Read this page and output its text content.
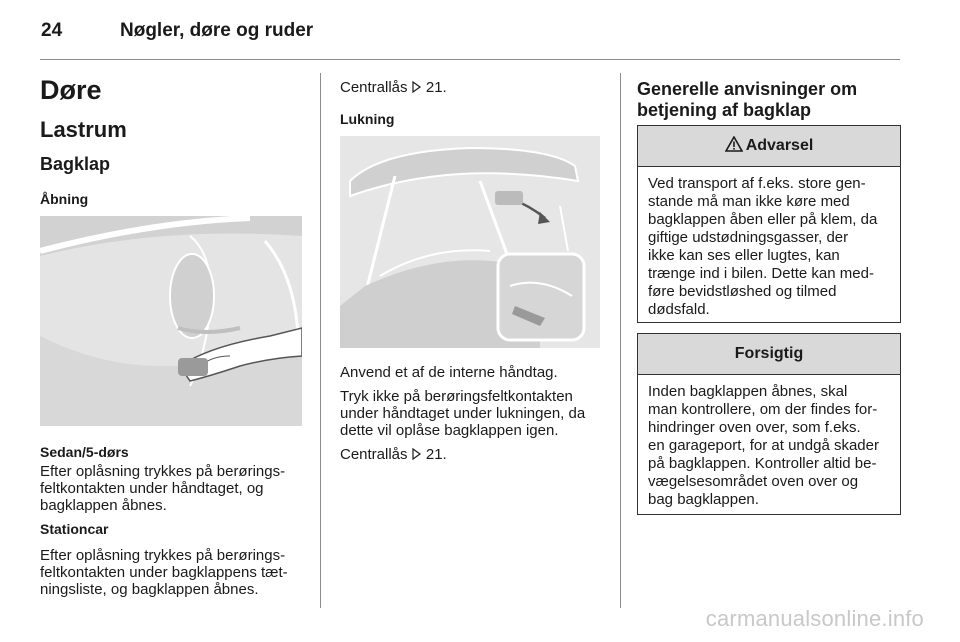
24	Nøgler, døre og ruder
Døre
Lastrum
Bagklap
Åbning
Sedan/5-dørs
Efter oplåsning trykkes på berørings-
feltkontakten under håndtaget, og
bagklappen åbnes.
Stationcar
Efter oplåsning trykkes på berørings-
feltkontakten under bagklappens tæt-
ningsliste, og bagklappen åbnes.
Centrallås 21.
Lukning
Anvend et af de interne håndtag.
Tryk ikke på berøringsfeltkontakten
under håndtaget under lukningen, da
dette vil oplåse bagklappen igen.
Centrallås 21.
Generelle anvisninger om
betjening af bagklap
Advarsel
Ved transport af f.eks. store gen-
stande må man ikke køre med
bagklappen åben eller på klem, da
giftige udstødningsgasser, der
ikke kan ses eller lugtes, kan
trænge ind i bilen. Dette kan med-
føre bevidstløshed og tilmed
dødsfald.
Forsigtig
Inden bagklappen åbnes, skal
man kontrollere, om der findes for-
hindringer oven over, som f.eks.
en garageport, for at undgå skader
på bagklappen. Kontroller altid be-
vægelsesområdet oven over og
bag bagklappen.
carmanualsonline.info
